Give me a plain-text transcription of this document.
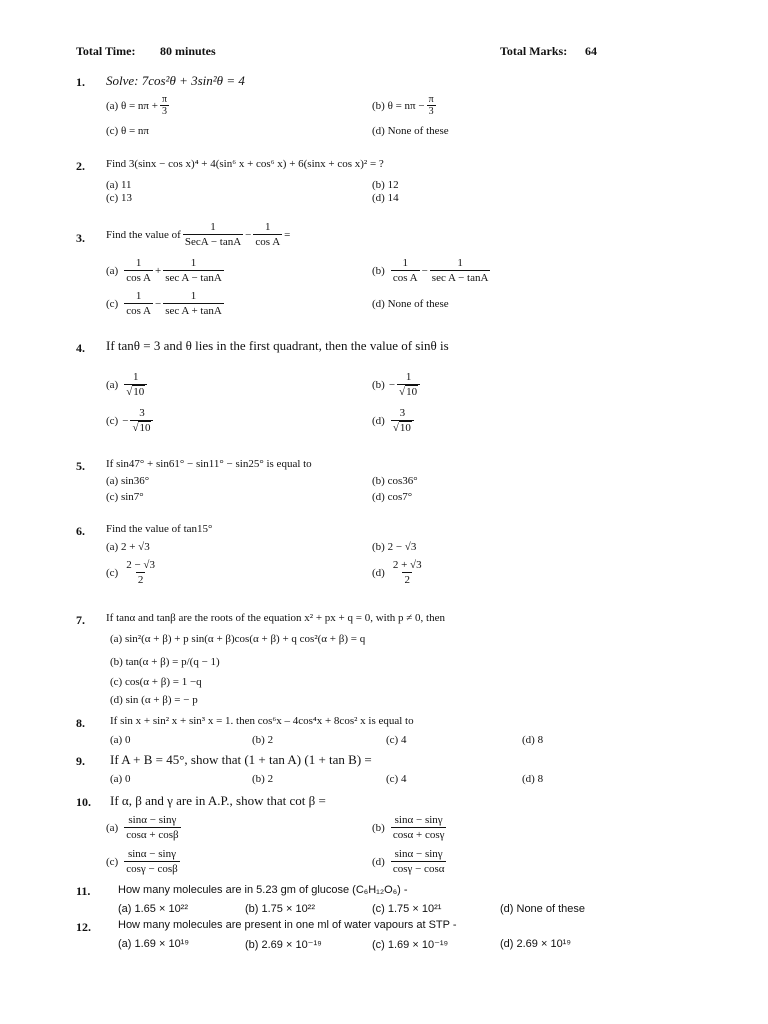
Total Time: 80 minutes	Total Marks: 64
1.	Solve: 7cos²θ + 3sin²θ = 4
(a) $\theta = n\pi + \frac{\pi}{3}$	(b) $\theta = n\pi - \frac{\pi}{3}$
(c) θ = nπ	(d) None of these
2.	Find 3(sinx − cos x)⁴ + 4(sin⁶ x + cos⁶ x) + 6(sinx + cos x)² = ?
(a) 11	(b) 12
(c) 13	(d) 14
3.	Find the value of $\frac{1}{\text{SecA − tanA}} - \frac{1}{\text{cos A}}$ =
$(a) \frac{1}{\text{cos A}} + \frac{1}{\text{sec A − tanA}}$	$(b) \frac{1}{\text{cos A}} - \frac{1}{\text{sec A − tanA}}$
$(c) \frac{1}{\text{cos A}} - \frac{1}{\text{sec A + tanA}}$	(d) None of these
4.	If tanθ = 3 and θ lies in the first quadrant, then the value of sinθ is
$(a) \frac{1}{√10}$	$(b) - \frac{1}{√10}$
$(c) - \frac{3}{√10}$	$(d) \frac{3}{√10}$
5.	If sin47° + sin61° − sin11° − sin25° is equal to
(a) sin36°	(b) cos36°
(c) sin7°	(d) cos7°
6.	Find the value of tan15°
(a) 2 + √3	(b) 2 − √3
$(c) \frac{2 - √3}{2}$	$(d) \frac{2 + √3}{2}$
7.	If tanα and tanβ are the roots of the equation x² + px + q = 0, with p ≠ 0, then
(a) sin²(α + β) + p sin(α + β)cos(α + β) + q cos²(α + β) = q
(b) tan(α + β) = p/(q − 1)
(c) cos(α + β) = 1 −q
(d) sin (α + β) = − p
8.	If sin x + sin² x + sin³ x = 1. then cos⁶x – 4cos⁴x + 8cos² x is equal to
(a) 0	(b) 2	(c) 4	(d) 8
9.	If A + B = 45°, show that (1 + tan A) (1 + tan B) =
(a) 0	(b) 2	(c) 4	(d) 8
10.	If α, β and γ are in A.P., show that cot β =
$(a) \frac{\sin\alpha - \sin\gamma}{\cos\alpha + \cos\beta}$	$(b) \frac{\sin\alpha - \sin\gamma}{\cos\alpha + \cos\gamma}$
$(c) \frac{\sin\alpha - \sin\gamma}{\cos\gamma - \cos\beta}$	$(d) \frac{\sin\alpha - \sin\gamma}{\cos\gamma - \cos\alpha}$
11.	How many molecules are in 5.23 gm of glucose (C₆H₁₂O₆) -
(a) 1.65 × 10²²	(b) 1.75 × 10²²	(c) 1.75 × 10²¹	(d) None of these
12.	How many molecules are present in one ml of water vapours at STP -
(a) 1.69 × 10¹⁹	(b) 2.69 × 10⁻¹⁹	(c) 1.69 × 10⁻¹⁹	(d) 2.69 × 10¹⁹
